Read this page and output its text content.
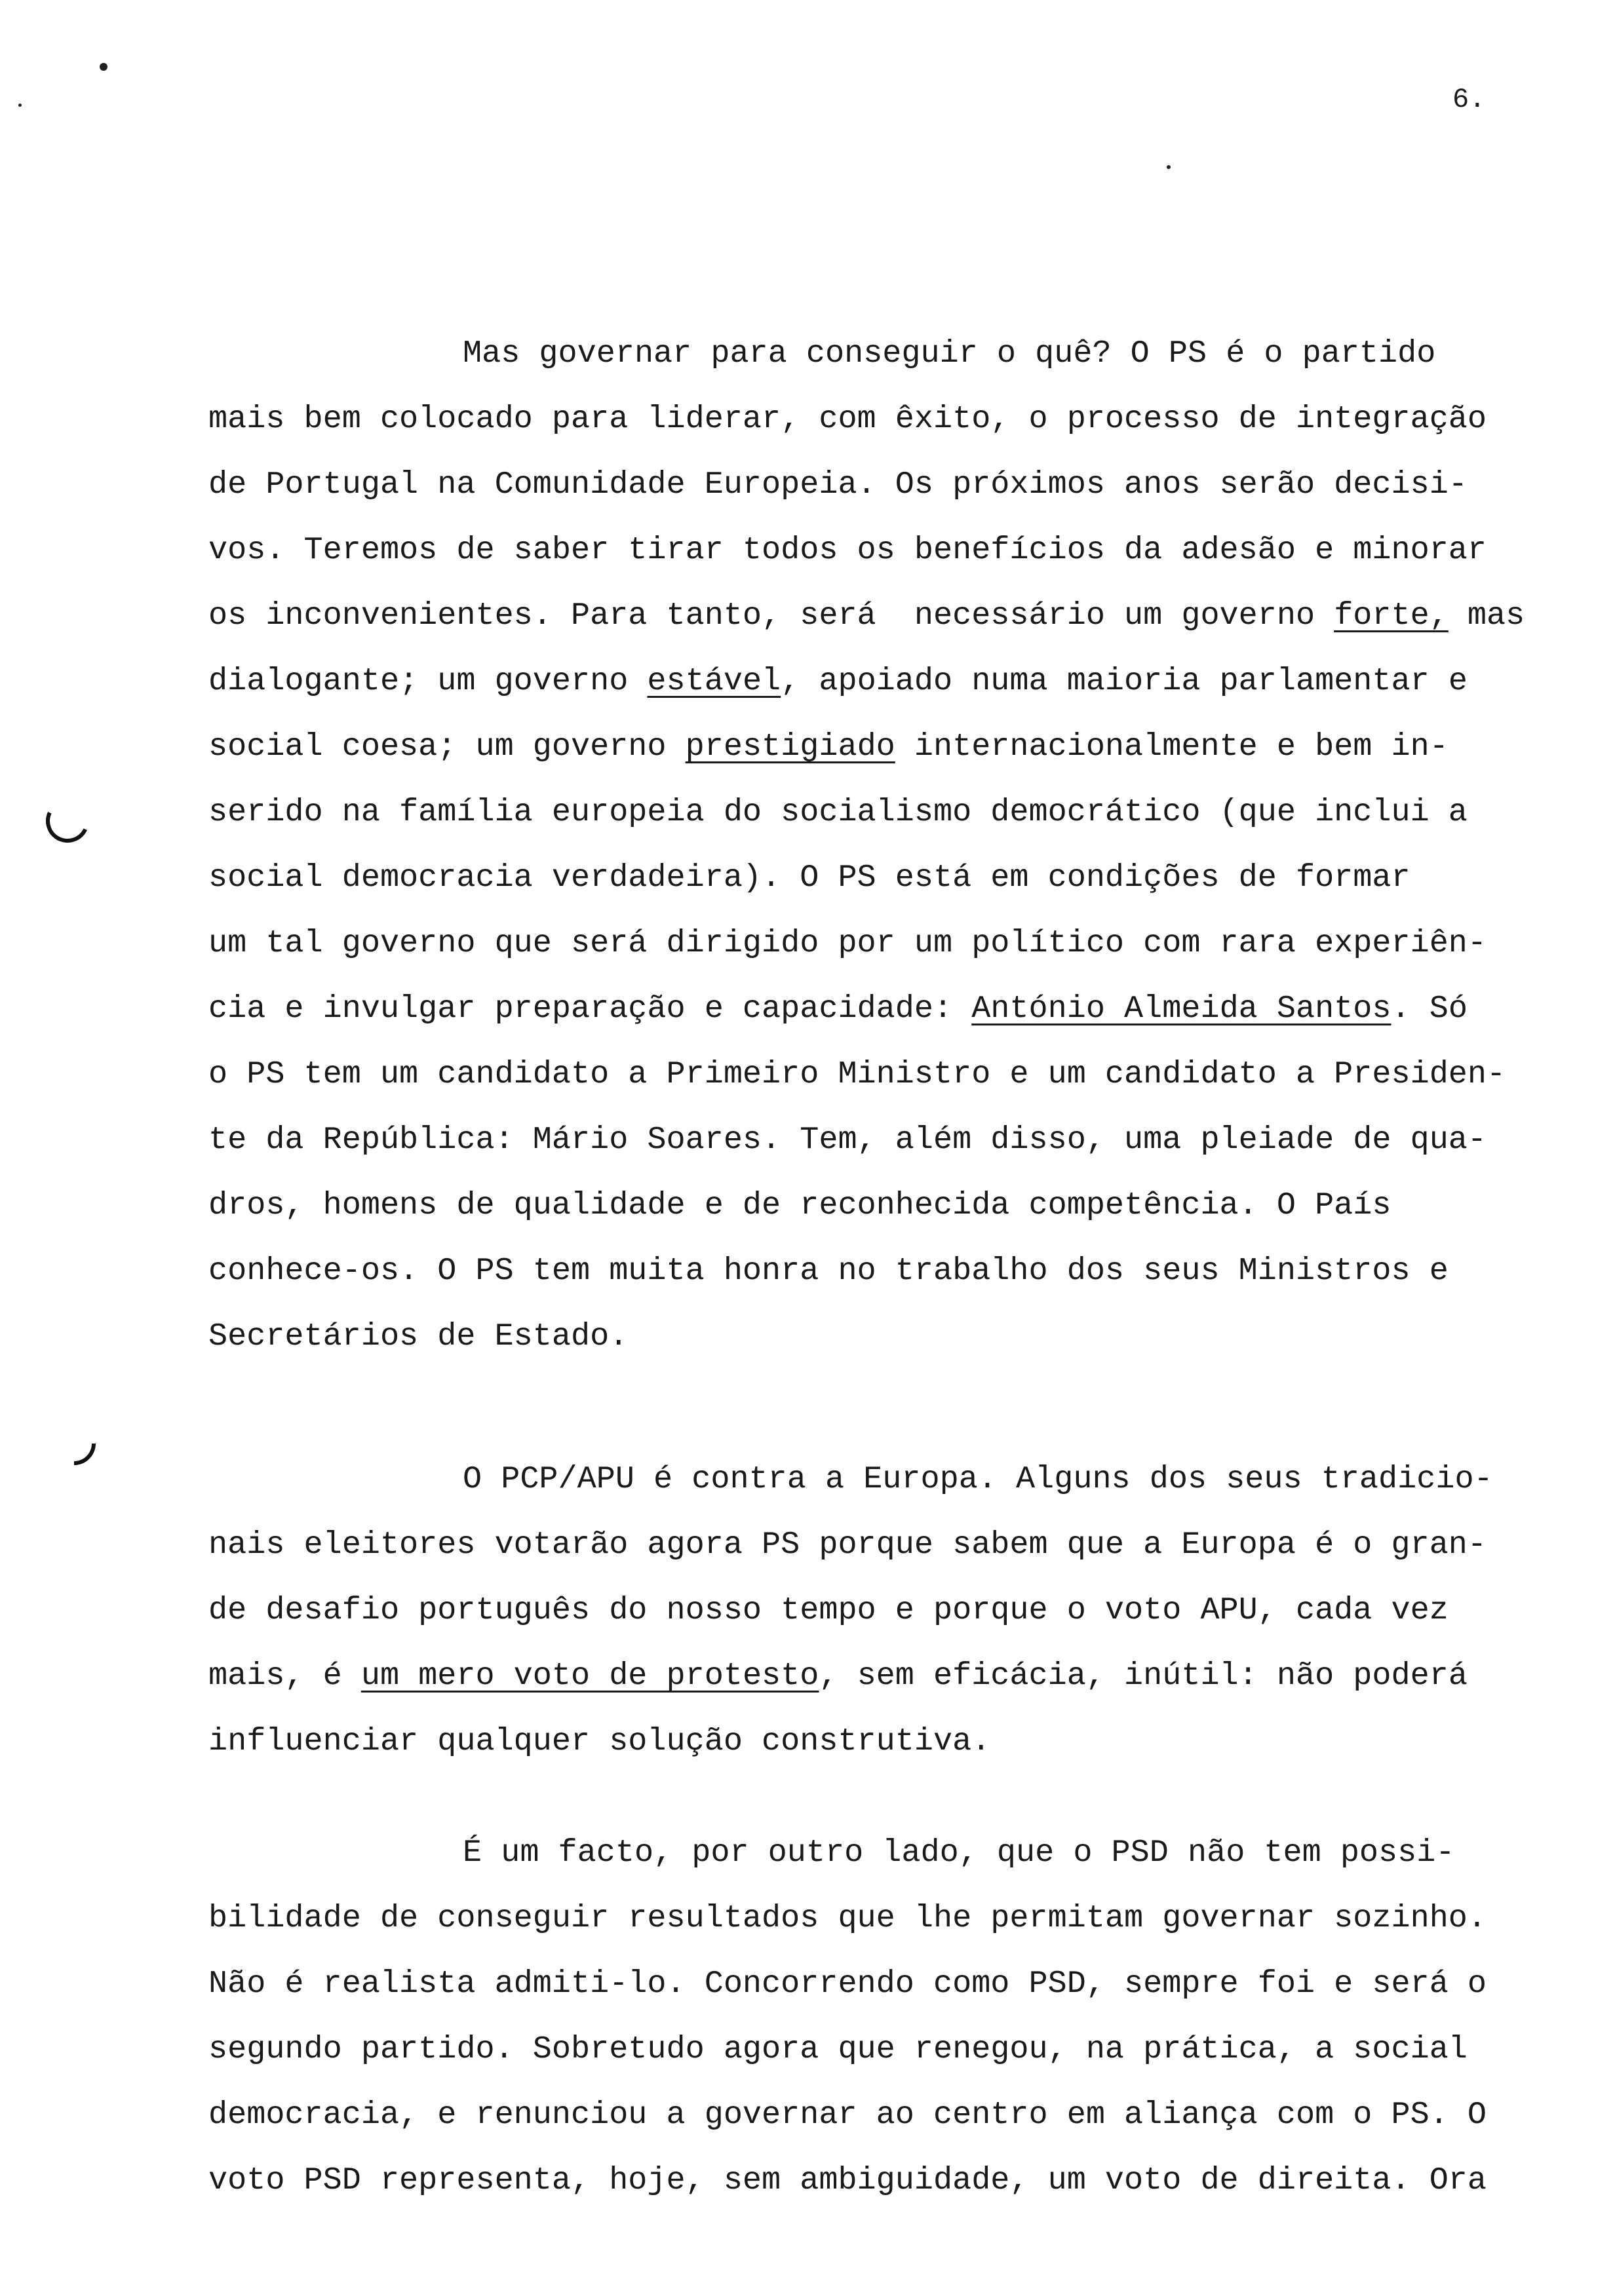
6.
Mas governar para conseguir o quê? O PS é o partido
mais bem colocado para liderar, com êxito, o processo de integração
de Portugal na Comunidade Europeia. Os próximos anos serão decisi-
vos. Teremos de saber tirar todos os benefícios da adesão e minorar
os inconvenientes. Para tanto, será  necessário um governo forte, mas
dialogante; um governo estável, apoiado numa maioria parlamentar e
social coesa; um governo prestigiado internacionalmente e bem in-
serido na família europeia do socialismo democrático (que inclui a
social democracia verdadeira). O PS está em condições de formar
um tal governo que será dirigido por um político com rara experiên-
cia e invulgar preparação e capacidade: António Almeida Santos. Só
o PS tem um candidato a Primeiro Ministro e um candidato a Presiden-
te da República: Mário Soares. Tem, além disso, uma pleiade de qua-
dros, homens de qualidade e de reconhecida competência. O País
conhece-os. O PS tem muita honra no trabalho dos seus Ministros e
Secretários de Estado.
O PCP/APU é contra a Europa. Alguns dos seus tradicio-
nais eleitores votarão agora PS porque sabem que a Europa é o gran-
de desafio português do nosso tempo e porque o voto APU, cada vez
mais, é um mero voto de protesto, sem eficácia, inútil: não poderá
influenciar qualquer solução construtiva.
É um facto, por outro lado, que o PSD não tem possi-
bilidade de conseguir resultados que lhe permitam governar sozinho.
Não é realista admiti-lo. Concorrendo como PSD, sempre foi e será o
segundo partido. Sobretudo agora que renegou, na prática, a social
democracia, e renunciou a governar ao centro em aliança com o PS. O
voto PSD representa, hoje, sem ambiguidade, um voto de direita. Ora
